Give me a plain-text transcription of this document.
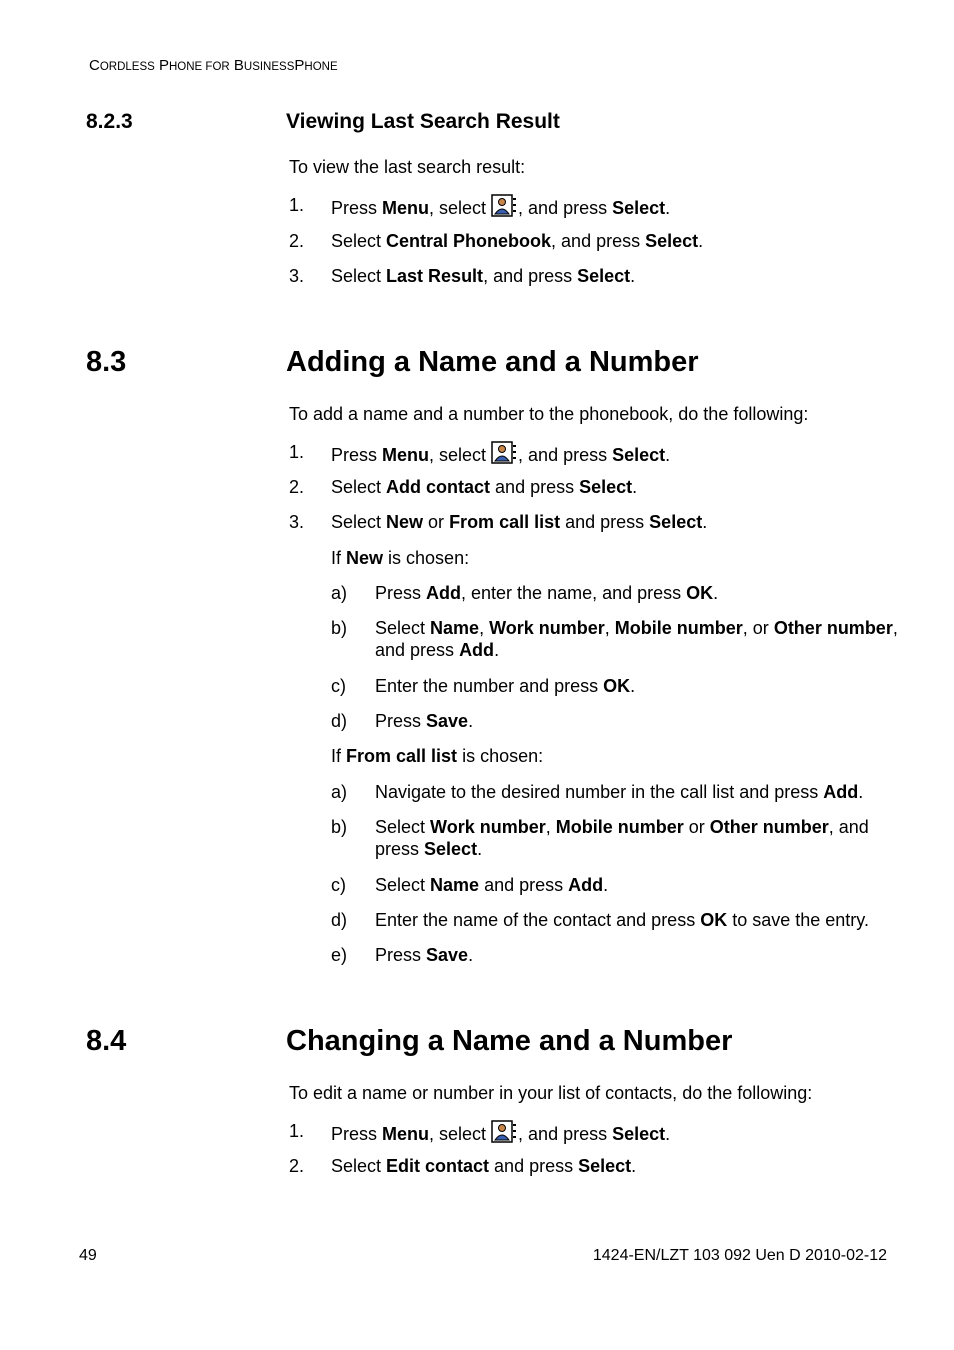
CORDLESS PHONE FOR BUSINESSPHONE
8.2.3	Viewing Last Search Result
To view the last search result:
1. Press Menu, select , and press Select.
2. Select Central Phonebook, and press Select.
3. Select Last Result, and press Select.
8.3	Adding a Name and a Number
To add a name and a number to the phonebook, do the following:
1. Press Menu, select , and press Select.
2. Select Add contact and press Select.
3. Select New or From call list and press Select.
If New is chosen:
a) Press Add, enter the name, and press OK.
b) Select Name, Work number, Mobile number, or Other number, and press Add.
c) Enter the number and press OK.
d) Press Save.
If From call list is chosen:
a) Navigate to the desired number in the call list and press Add.
b) Select Work number, Mobile number or Other number, and press Select.
c) Select Name and press Add.
d) Enter the name of the contact and press OK to save the entry.
e) Press Save.
8.4	Changing a Name and a Number
To edit a name or number in your list of contacts, do the following:
1. Press Menu, select , and press Select.
2. Select Edit contact and press Select.
49	1424-EN/LZT 103 092 Uen D 2010-02-12
